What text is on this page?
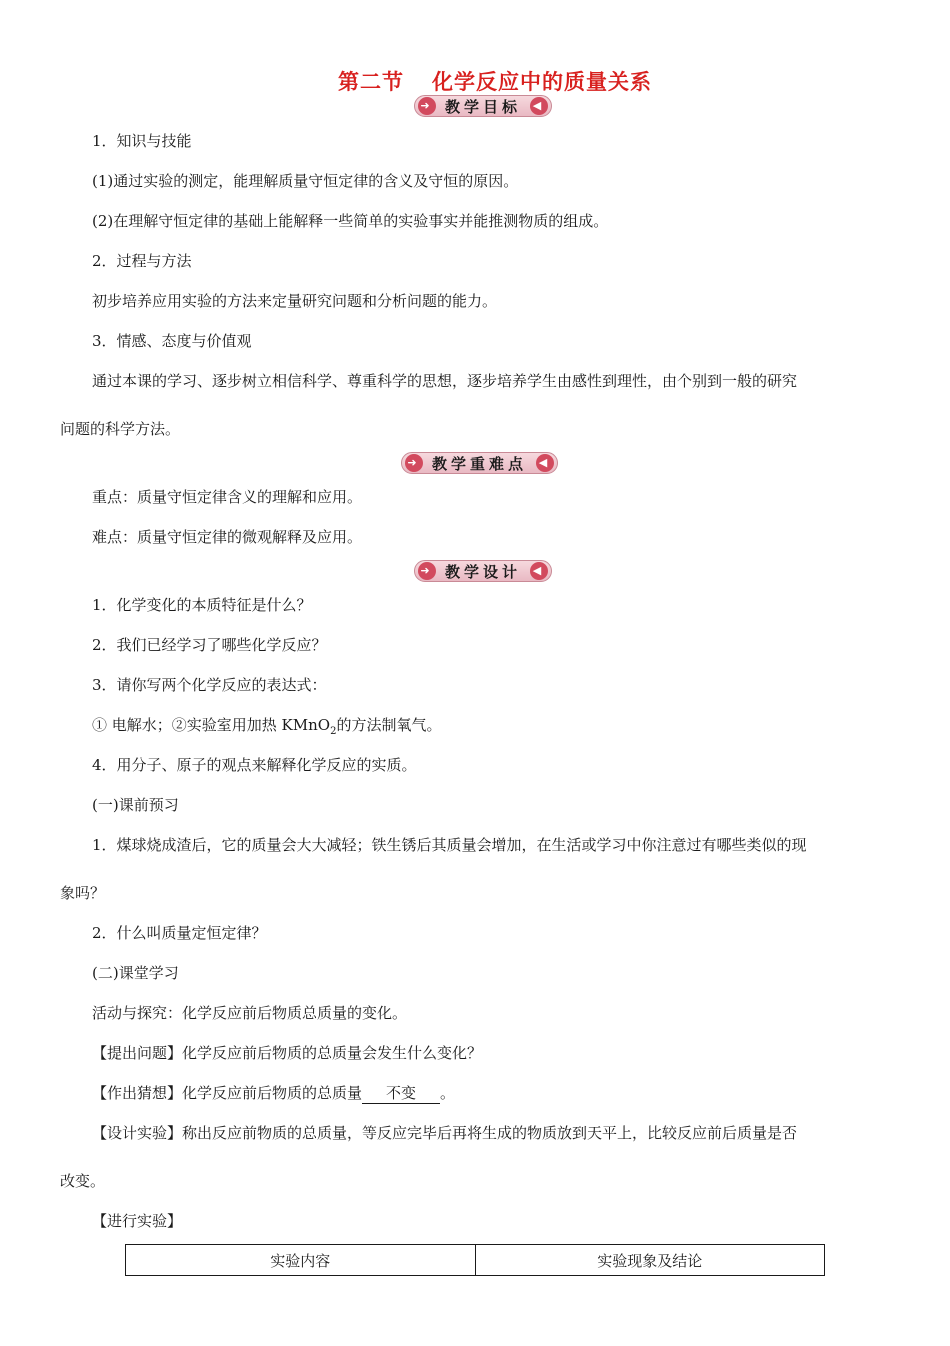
第二节 化学反应中的质量关系
➜ 教学目标 ◀
1．知识与技能
(1)通过实验的测定，能理解质量守恒定律的含义及守恒的原因。
(2)在理解守恒定律的基础上能解释一些简单的实验事实并能推测物质的组成。
2．过程与方法
初步培养应用实验的方法来定量研究问题和分析问题的能力。
3．情感、态度与价值观
通过本课的学习、逐步树立相信科学、尊重科学的思想，逐步培养学生由感性到理性，由个别到一般的研究
问题的科学方法。
➜ 教学重难点 ◀
重点：质量守恒定律含义的理解和应用。
难点：质量守恒定律的微观解释及应用。
➜ 教学设计 ◀
1．化学变化的本质特征是什么？
2．我们已经学习了哪些化学反应？
3．请你写两个化学反应的表达式：
① 电解水；②实验室用加热 KMnO$_2$的方法制氧气。
4．用分子、原子的观点来解释化学反应的实质。
(一)课前预习
1．煤球烧成渣后，它的质量会大大减轻；铁生锈后其质量会增加，在生活或学习中你注意过有哪些类似的现
象吗？
2．什么叫质量定恒定律？
(二)课堂学习
活动与探究：化学反应前后物质总质量的变化。
【提出问题】化学反应前后物质的总质量会发生什么变化？
【作出猜想】化学反应前后物质的总质量 不变 。
【设计实验】称出反应前物质的总质量，等反应完毕后再将生成的物质放到天平上，比较反应前后质量是否
改变。
【进行实验】
实验内容	实验现象及结论
